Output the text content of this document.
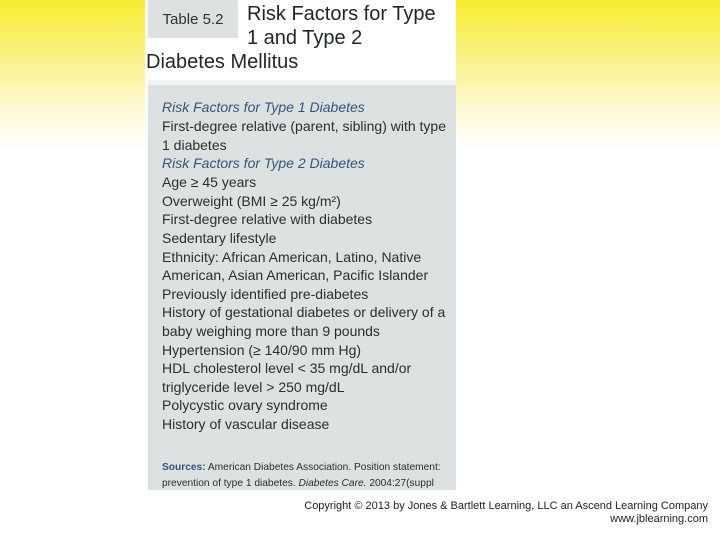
Table 5.2	Risk Factors for Type 1 and Type 2
Diabetes Mellitus
Risk Factors for Type 1 Diabetes
First-degree relative (parent, sibling) with type 1 diabetes
Risk Factors for Type 2 Diabetes
Age ≥ 45 years
Overweight (BMI ≥ 25 kg/m²)
First-degree relative with diabetes
Sedentary lifestyle
Ethnicity: African American, Latino, Native American, Asian American, Pacific Islander
Previously identified pre-diabetes
History of gestational diabetes or delivery of a baby weighing more than 9 pounds
Hypertension (≥ 140/90 mm Hg)
HDL cholesterol level < 35 mg/dL and/or triglyceride level > 250 mg/dL
Polycystic ovary syndrome
History of vascular disease
Sources: American Diabetes Association. Position statement: prevention of type 1 diabetes. Diabetes Care. 2004:27(suppl
Copyright © 2013 by Jones & Bartlett Learning, LLC an Ascend Learning Company
www.jblearning.com
